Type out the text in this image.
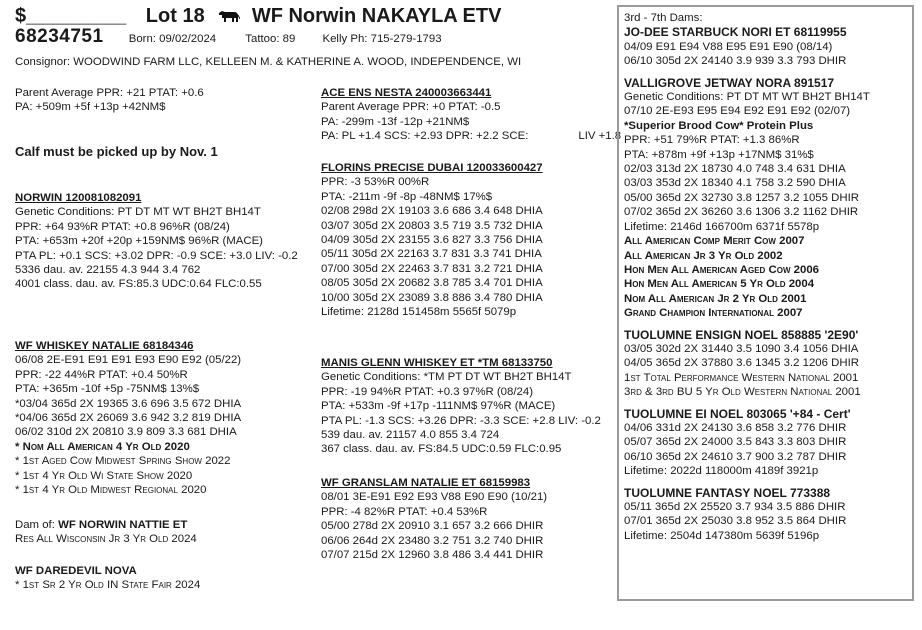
$_________ Lot 18 WF Norwin NAKAYLA ETV
68234751 Born: 09/02/2024	Tattoo: 89 Kelly Ph: 715-279-1793
Consignor: WOODWIND FARM LLC, KELLEEN M. & KATHERINE A. WOOD, INDEPENDENCE, WI
Parent Average PPR: +21 PTAT: +0.6
PA: +509m +5f +13p +42NM$
Calf must be picked up by Nov. 1
NORWIN 120081082091
Genetic Conditions: PT DT MT WT BH2T BH14T
PPR: +64 93%R PTAT: +0.8 96%R (08/24)
PTA: +653m +20f +20p +159NM$ 96%R (MACE)
PTA PL: +0.1 SCS: +3.02 DPR: -0.9 SCE: +3.0 LIV: -0.2
5336 dau. av. 22155 4.3 944 3.4 762
4001 class. dau. av. FS:85.3 UDC:0.64 FLC:0.55
WF WHISKEY NATALIE 68184346
06/08 2E-E91 E91 E91 E93 E90 E92 (05/22)
PPR: -22 44%R PTAT: +0.4 50%R
PTA: +365m -10f +5p -75NM$ 13%$
*03/04 365d 2X 19365 3.6 696 3.5 672 DHIA
*04/06 365d 2X 26069 3.6 942 3.2 819 DHIA
06/02 310d 2X 20810 3.9 809 3.3 681 DHIA
* Nom All American 4 Yr Old 2020
* 1st Aged Cow Midwest Spring Show 2022
* 1st 4 Yr Old Wi State Show 2020
* 1st 4 Yr Old Midwest Regional 2020
Dam of: WF NORWIN NATTIE ET
Res All Wisconsin Jr 3 Yr Old 2024
WF DAREDEVIL NOVA
* 1st Sr 2 Yr Old IN State Fair 2024
ACE ENS NESTA 240003663441
Parent Average PPR: +0 PTAT: -0.5
PA: -299m -13f -12p +21NM$
PA: PL +1.4 SCS: +2.93 DPR: +2.2 SCE:	LIV +1.8
FLORINS PRECISE DUBAI 120033600427
PPR: -3 53%R 00%R
PTA: -211m -9f -8p -48NM$ 17%$
02/08 298d 2X 19103 3.6 686 3.4 648 DHIA
03/07 305d 2X 20803 3.5 719 3.5 732 DHIA
04/09 305d 2X 23155 3.6 827 3.3 756 DHIA
05/11 305d 2X 22163 3.7 831 3.3 741 DHIA
07/00 305d 2X 22463 3.7 831 3.2 721 DHIA
08/05 305d 2X 20682 3.8 785 3.4 701 DHIA
10/00 305d 2X 23089 3.8 886 3.4 780 DHIA
Lifetime: 2128d 151458m 5565f 5079p
MANIS GLENN WHISKEY ET *TM 68133750
Genetic Conditions: *TM PT DT WT BH2T BH14T
PPR: -19 94%R PTAT: +0.3 97%R (08/24)
PTA: +533m -9f +17p -111NM$ 97%R (MACE)
PTA PL: -1.3 SCS: +3.26 DPR: -3.3 SCE: +2.8 LIV: -0.2
539 dau. av. 21157 4.0 855 3.4 724
367 class. dau. av. FS:84.5 UDC:0.59 FLC:0.95
WF GRANSLAM NATALIE ET 68159983
08/01 3E-E91 E92 E93 V88 E90 E90 (10/21)
PPR: -4 82%R PTAT: +0.4 53%R
05/00 278d 2X 20910 3.1 657 3.2 666 DHIR
06/06 264d 2X 23480 3.2 751 3.2 740 DHIR
07/07 215d 2X 12960 3.8 486 3.4 441 DHIR
3rd - 7th Dams:
JO-DEE STARBUCK NORI ET 68119955
04/09 E91 E94 V88 E95 E91 E90 (08/14)
06/10 305d 2X 24140 3.9 939 3.3 793 DHIR
VALLIGROVE JETWAY NORA 891517
Genetic Conditions: PT DT MT WT BH2T BH14T
07/10 2E-E93 E95 E94 E92 E91 E92 (02/07)
*Superior Brood Cow* Protein Plus
PPR: +51 79%R PTAT: +1.3 86%R
PTA: +878m +9f +13p +17NM$ 31%$
02/03 313d 2X 18730 4.0 748 3.4 631 DHIA
03/03 353d 2X 18340 4.1 758 3.2 590 DHIA
05/00 365d 2X 32730 3.8 1257 3.2 1055 DHIR
07/02 365d 2X 36260 3.6 1306 3.2 1162 DHIR
Lifetime: 2146d 166700m 6371f 5578p
All American Comp Merit Cow 2007
All American Jr 3 Yr Old 2002
Hon Men All American Aged Cow 2006
Hon Men All American 5 Yr Old 2004
Nom All American Jr 2 Yr Old 2001
Grand Champion International 2007
TUOLUMNE ENSIGN NOEL 858885 '2E90'
03/05 302d 2X 31440 3.5 1090 3.4 1056 DHIA
04/05 365d 2X 37880 3.6 1345 3.2 1206 DHIR
1st Total Performance Western National 2001
3rd & 3rd BU 5 Yr Old Western National 2001
TUOLUMNE EI NOEL 803065 '+84 - Cert'
04/06 331d 2X 24130 3.6 858 3.2 776 DHIR
05/07 365d 2X 24000 3.5 843 3.3 803 DHIR
06/10 365d 2X 24610 3.7 900 3.2 787 DHIR
Lifetime: 2022d 118000m 4189f 3921p
TUOLUMNE FANTASY NOEL 773388
05/11 365d 2X 25520 3.7 934 3.5 886 DHIR
07/01 365d 2X 25030 3.8 952 3.5 864 DHIR
Lifetime: 2504d 147380m 5639f 5196p
